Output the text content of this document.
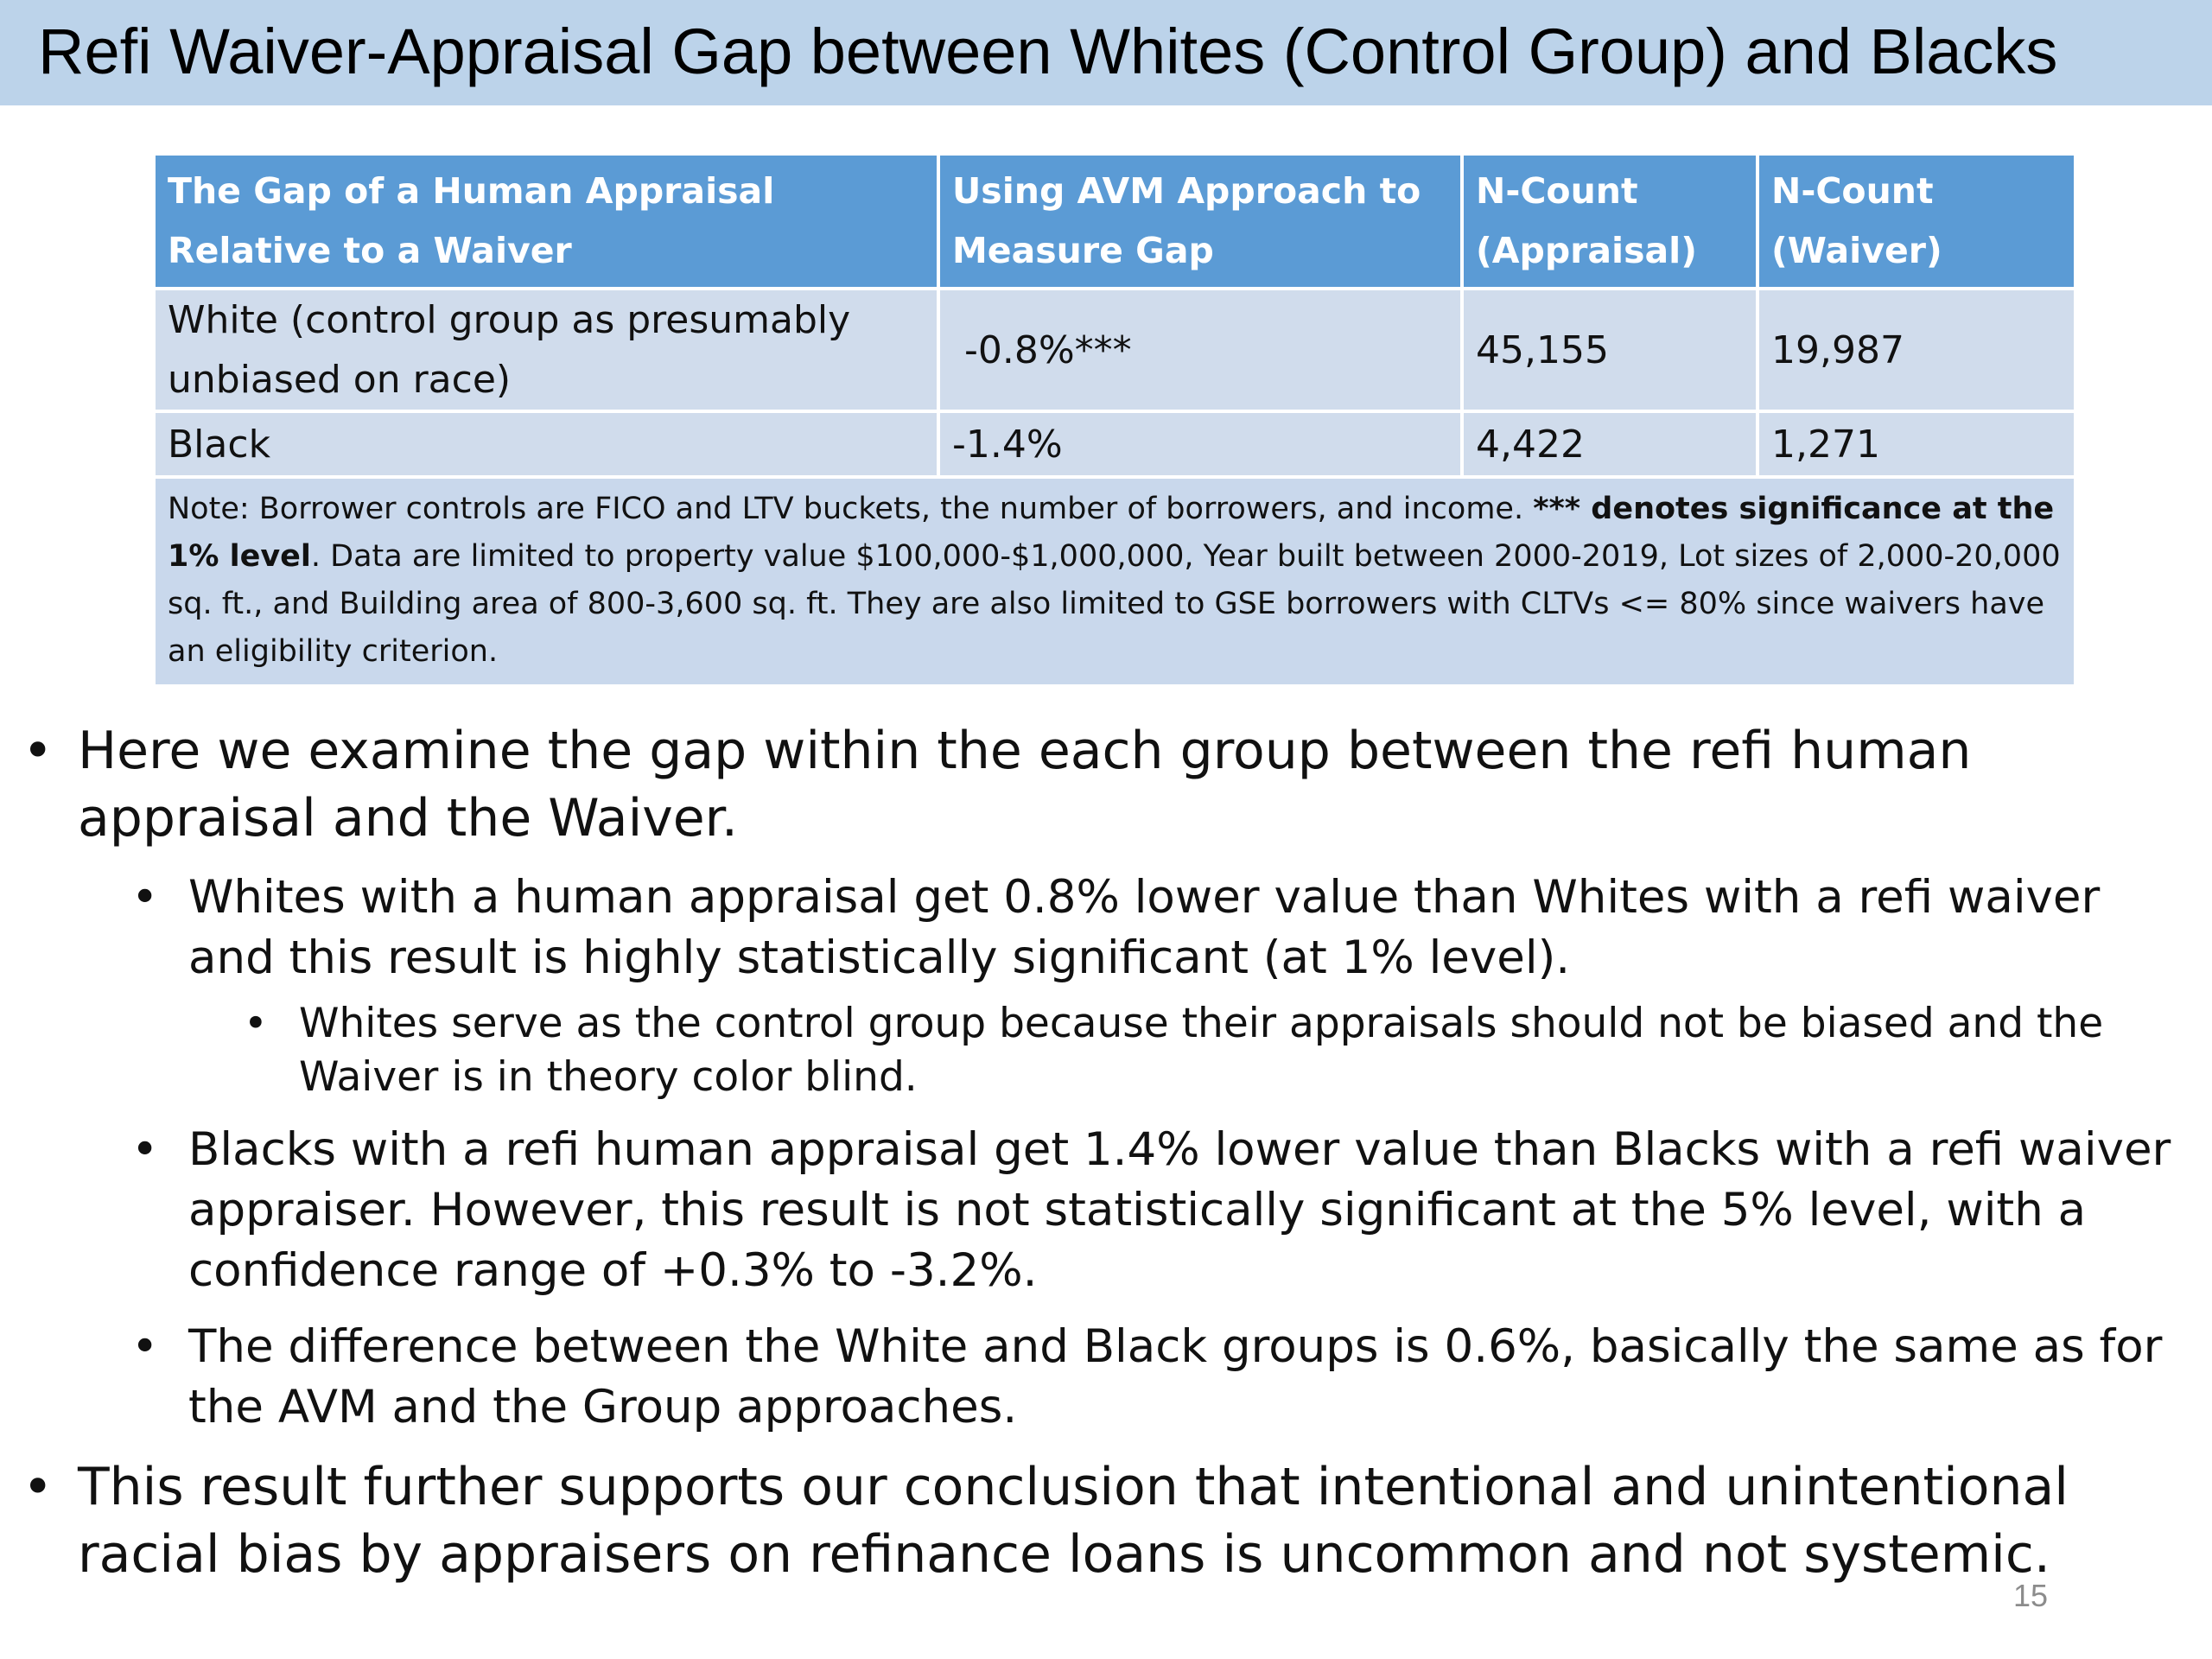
Refi Waiver-Appraisal Gap between Whites (Control Group) and Blacks
The Gap of a Human Appraisal Relative to a Waiver	Using AVM Approach to Measure Gap	N-Count (Appraisal)	N-Count (Waiver)
White (control group as presumably unbiased on race)	-0.8%***	45,155	19,987
Black	-1.4%	4,422	1,271
Note: Borrower controls are FICO and LTV buckets, the number of borrowers, and income. *** denotes significance at the 1% level. Data are limited to property value $100,000-$1,000,000, Year built between 2000-2019, Lot sizes of 2,000-20,000 sq. ft., and Building area of 800-3,600 sq. ft. They are also limited to GSE borrowers with CLTVs <= 80% since waivers have an eligibility criterion.			
• Here we examine the gap within the each group between the refi human appraisal and the Waiver.
• Whites with a human appraisal get 0.8% lower value than Whites with a refi waiver and this result is highly statistically significant (at 1% level).
• Whites serve as the control group because their appraisals should not be biased and the Waiver is in theory color blind.
• Blacks with a refi human appraisal get 1.4% lower value than Blacks with a refi waiver appraiser. However, this result is not statistically significant at the 5% level, with a confidence range of +0.3% to -3.2%.
• The difference between the White and Black groups is 0.6%, basically the same as for the AVM and the Group approaches.
• This result further supports our conclusion that intentional and unintentional racial bias by appraisers on refinance loans is uncommon and not systemic.
15
